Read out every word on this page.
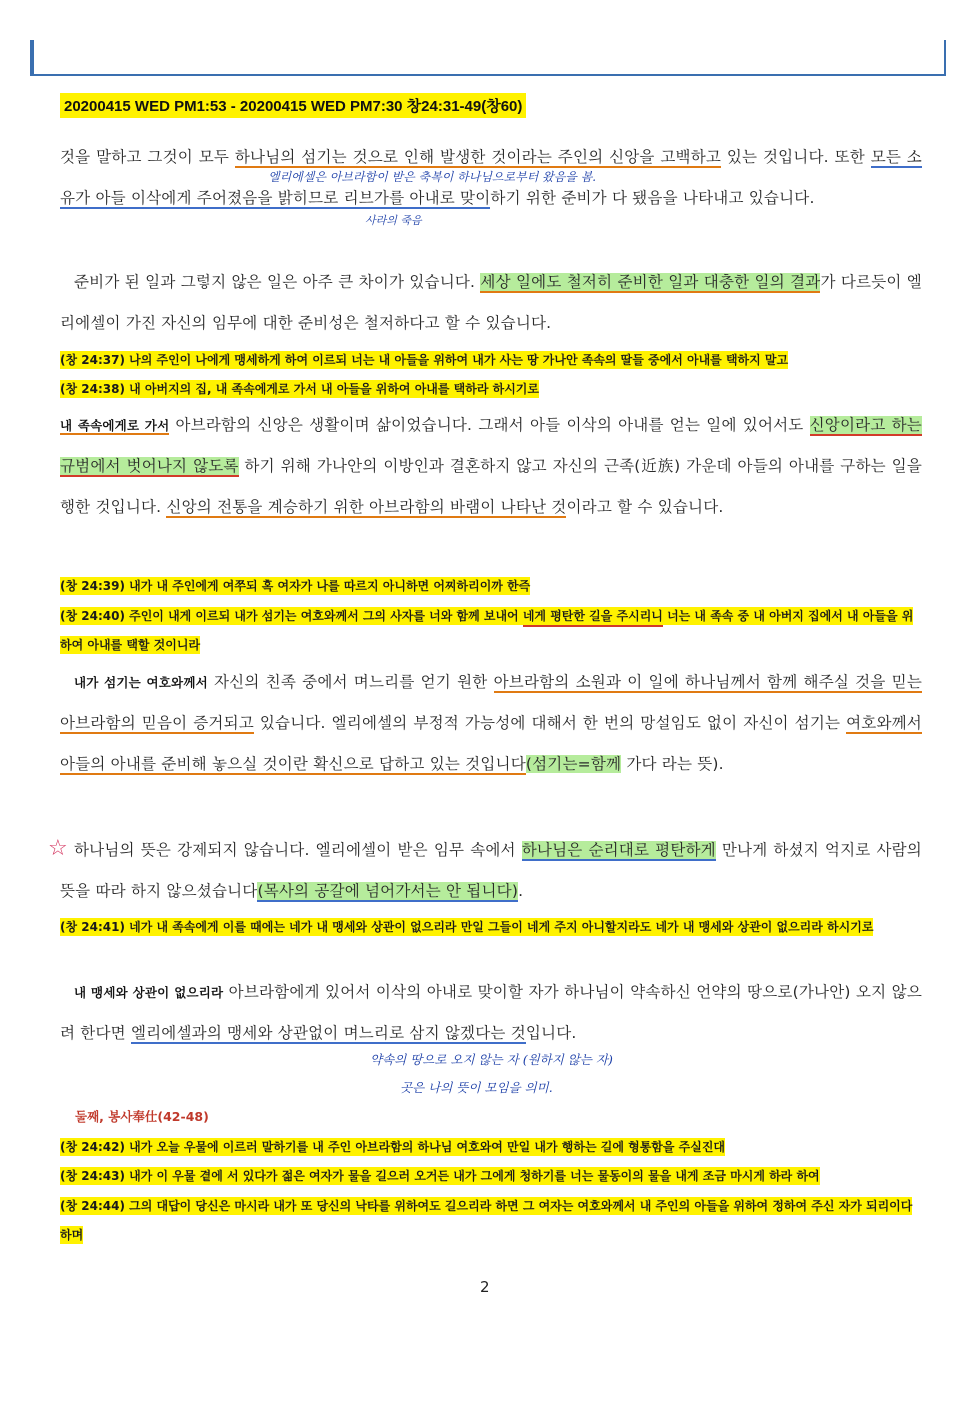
20200415 WED PM1:53 - 20200415 WED PM7:30 창24:31-49(창60)
것을 말하고 그것이 모두 하나님의 섬기는 것으로 인해 발생한 것이라는 주인의 신앙을 고백하고 있는 것입니다. 또한 모든 소유가 아들 이삭에게 주어졌음을 밝히므로 리브가를 아내로 맞이하기 위한 준비가 다 됐음을 나타내고 있습니다.
엘리에셀은 아브라함이 받은 축복이 하나님으로부터 왔음을 봄.
사라의 죽음
준비가 된 일과 그렇지 않은 일은 아주 큰 차이가 있습니다. 세상 일에도 철저히 준비한 일과 대충한 일의 결과가 다르듯이 엘리에셀이 가진 자신의 임무에 대한 준비성은 철저하다고 할 수 있습니다.
(창 24:37) 나의 주인이 나에게 맹세하게 하여 이르되 너는 내 아들을 위하여 내가 사는 땅 가나안 족속의 딸들 중에서 아내를 택하지 말고
(창 24:38) 내 아버지의 집, 내 족속에게로 가서 내 아들을 위하여 아내를 택하라 하시기로
내 족속에게로 가서 아브라함의 신앙은 생활이며 삶이었습니다. 그래서 아들 이삭의 아내를 얻는 일에 있어서도 신앙이라고 하는 규범에서 벗어나지 않도록 하기 위해 가나안의 이방인과 결혼하지 않고 자신의 근족(近族) 가운데 아들의 아내를 구하는 일을 행한 것입니다. 신앙의 전통을 계승하기 위한 아브라함의 바램이 나타난 것이라고 할 수 있습니다.
(창 24:39) 내가 내 주인에게 여쭈되 혹 여자가 나를 따르지 아니하면 어찌하리이까 한즉
(창 24:40) 주인이 내게 이르되 내가 섬기는 여호와께서 그의 사자를 너와 함께 보내어 네게 평탄한 길을 주시리니 너는 내 족속 중 내 아버지 집에서 내 아들을 위하여 아내를 택할 것이니라
내가 섬기는 여호와께서 자신의 친족 중에서 며느리를 얻기 원한 아브라함의 소원과 이 일에 하나님께서 함께 해주실 것을 믿는 아브라함의 믿음이 증거되고 있습니다. 엘리에셀의 부정적 가능성에 대해서 한 번의 망설임도 없이 자신이 섬기는 여호와께서 아들의 아내를 준비해 놓으실 것이란 확신으로 답하고 있는 것입니다(섬기는=함께 가다 라는 뜻).
☆ 하나님의 뜻은 강제되지 않습니다. 엘리에셀이 받은 임무 속에서 하나님은 순리대로 평탄하게 만나게 하셨지 억지로 사람의 뜻을 따라 하지 않으셨습니다(목사의 공갈에 넘어가서는 안 됩니다).
(창 24:41) 네가 내 족속에게 이를 때에는 네가 내 맹세와 상관이 없으리라 만일 그들이 네게 주지 아니할지라도 네가 내 맹세와 상관이 없으리라 하시기로
내 맹세와 상관이 없으리라 아브라함에게 있어서 이삭의 아내로 맞이할 자가 하나님이 약속하신 언약의 땅으로(가나안) 오지 않으려 한다면 엘리에셀과의 맹세와 상관없이 며느리로 삼지 않겠다는 것입니다.
약속의 땅으로 오지 않는 자 (원하지 않는 자)
곳은 나의 뜻이 모임을 의미.
둘째, 봉사奉仕(42-48)
(창 24:42) 내가 오늘 우물에 이르러 말하기를 내 주인 아브라함의 하나님 여호와여 만일 내가 행하는 길에 형통함을 주실진대
(창 24:43) 내가 이 우물 곁에 서 있다가 젊은 여자가 물을 길으러 오거든 내가 그에게 청하기를 너는 물동이의 물을 내게 조금 마시게 하라 하여
(창 24:44) 그의 대답이 당신은 마시라 내가 또 당신의 낙타를 위하여도 길으리라 하면 그 여자는 여호와께서 내 주인의 아들을 위하여 정하여 주신 자가 되리이다 하며
2
